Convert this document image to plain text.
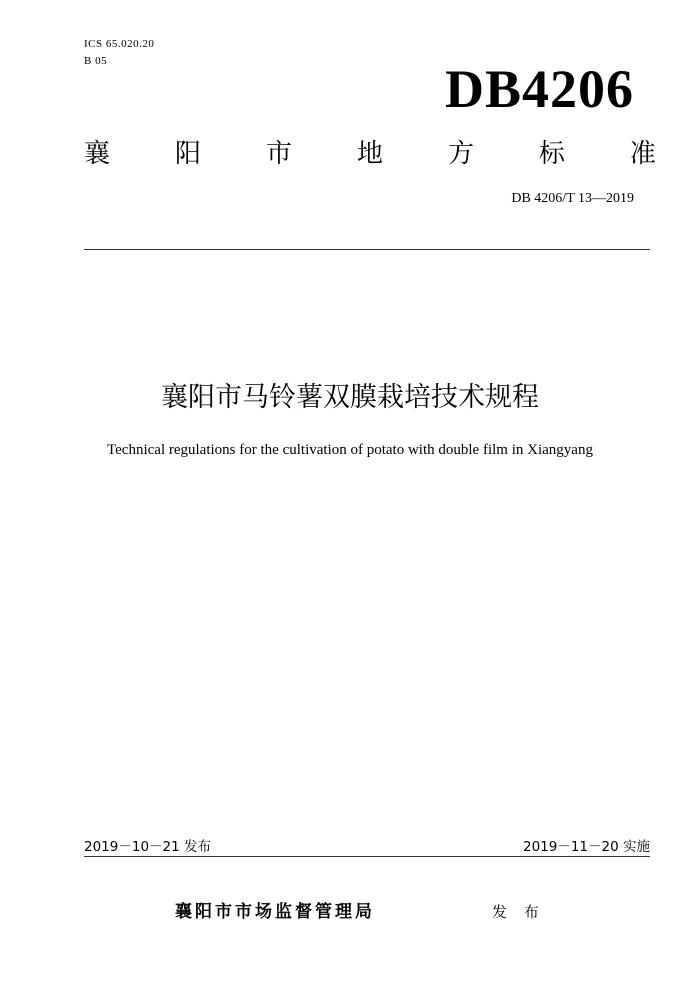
ICS 65.020.20
B 05	DB4206
襄 阳 市 地 方 标 准
DB 4206/T 13—2019
襄阳市马铃薯双膜栽培技术规程
Technical regulations for the cultivation of potato with double film in Xiangyang
2019－10－21 发布	2019－11－20 实施
襄阳市市场监督管理局	发 布
